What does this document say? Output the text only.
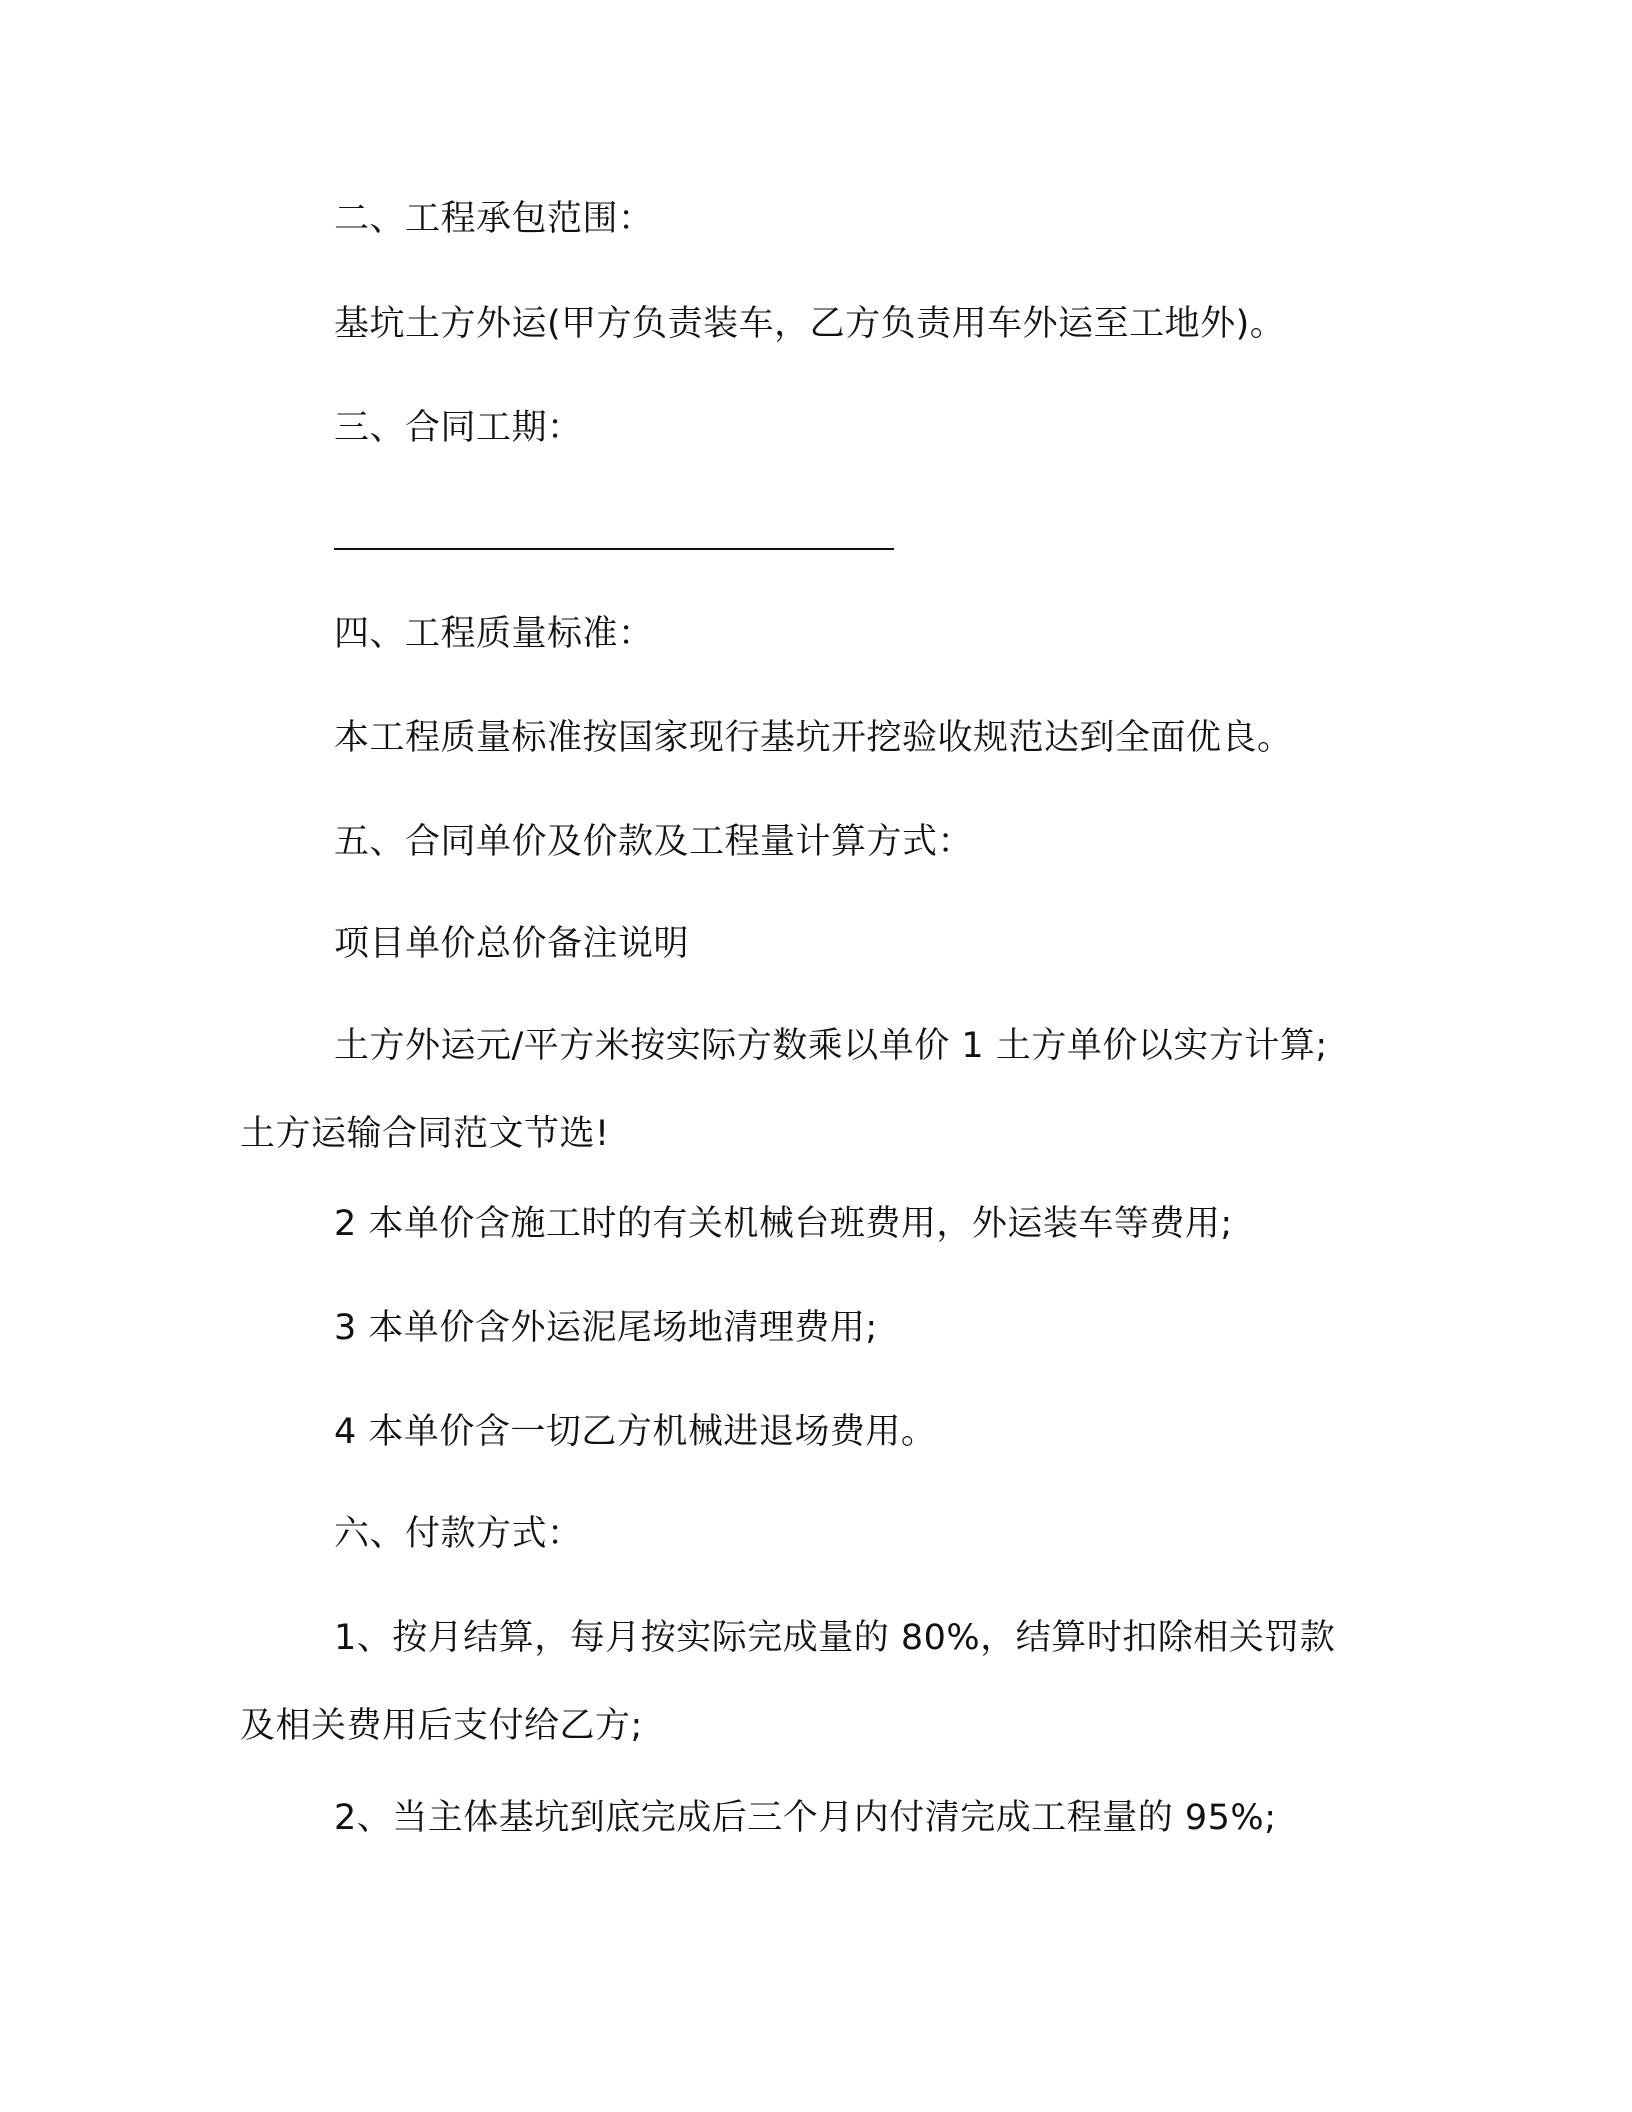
二、工程承包范围：

基坑土方外运(甲方负责装车，乙方负责用车外运至工地外)。

三、合同工期：

四、工程质量标准：

本工程质量标准按国家现行基坑开挖验收规范达到全面优良。

五、合同单价及价款及工程量计算方式：

项目单价总价备注说明

土方外运元/平方米按实际方数乘以单价 1 土方单价以实方计算; 土方运输合同范文节选!

2 本单价含施工时的有关机械台班费用，外运装车等费用;

3 本单价含外运泥尾场地清理费用;

4 本单价含一切乙方机械进退场费用。

六、付款方式：

1、按月结算，每月按实际完成量的 80%，结算时扣除相关罚款及相关费用后支付给乙方;

2、当主体基坑到底完成后三个月内付清完成工程量的 95%;
